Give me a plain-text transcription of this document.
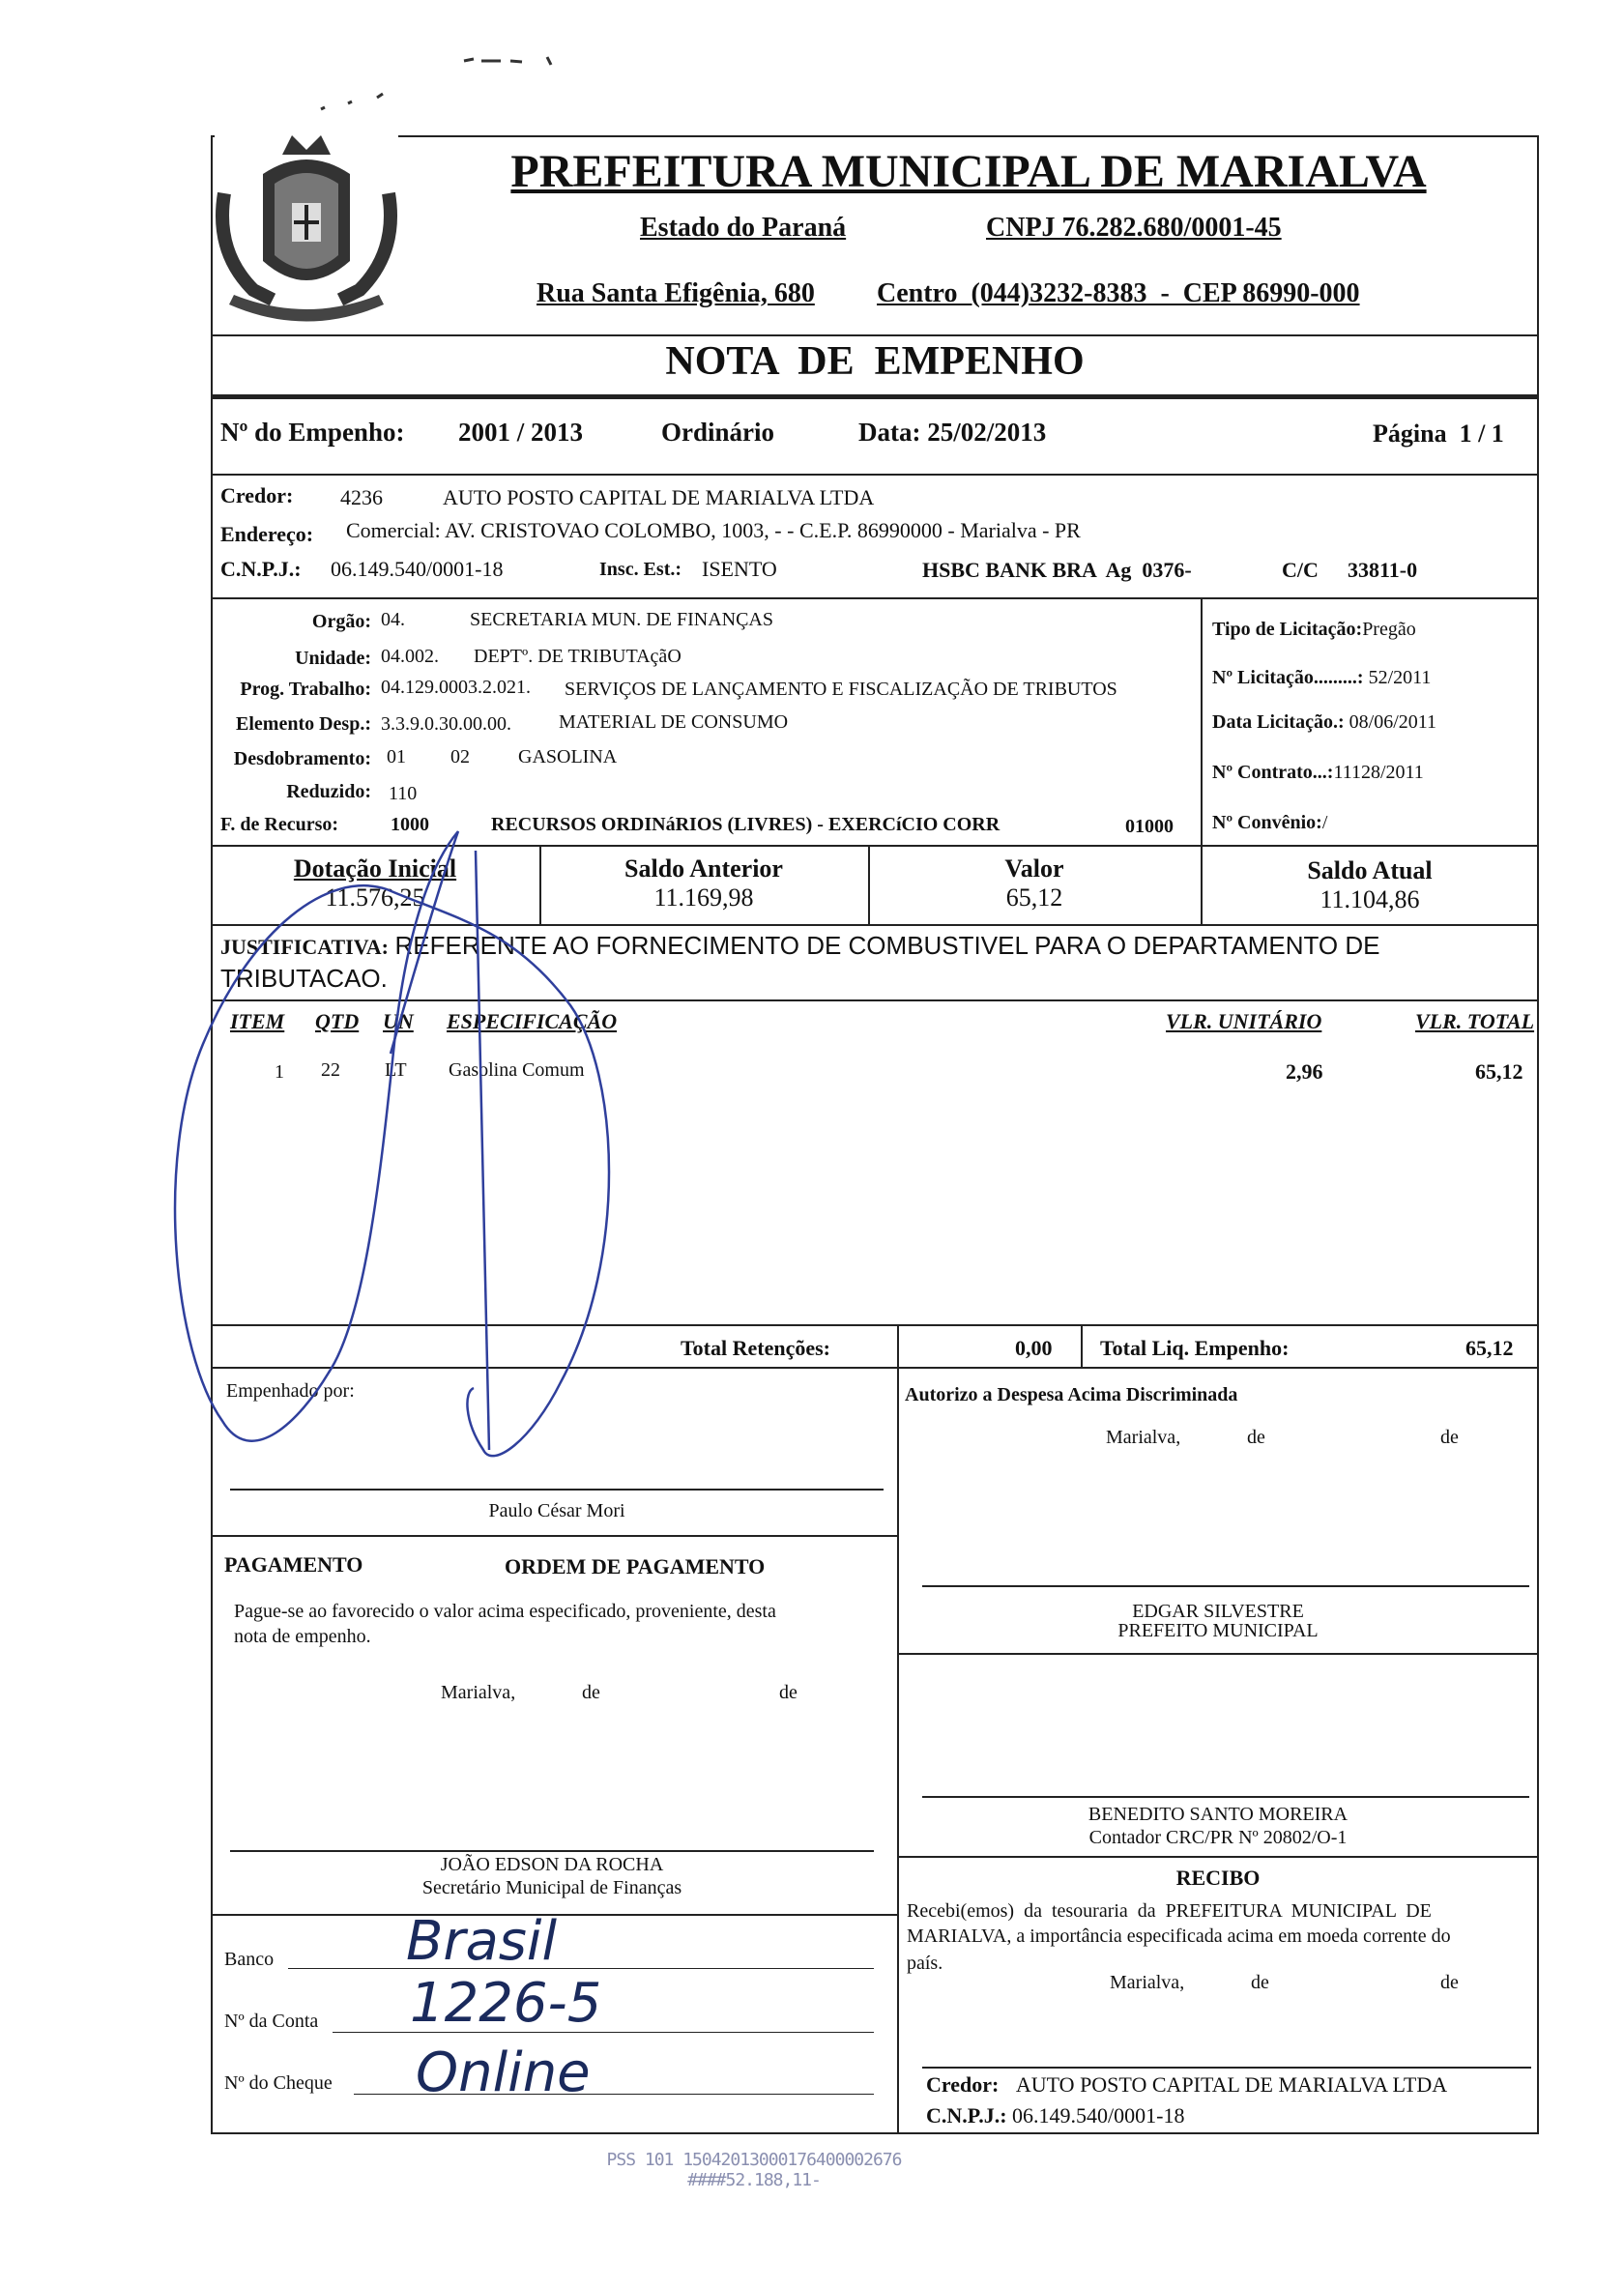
PREFEITURA MUNICIPAL DE MARIALVA
Estado do Paraná	CNPJ 76.282.680/0001-45
Rua Santa Efigênia, 680 Centro  (044)3232-8383  -  CEP 86990-000
NOTA  DE  EMPENHO
Nº do Empenho: 2001 / 2013	Ordinário	Data: 25/02/2013	Página  1 / 1
Credor: 4236	AUTO POSTO CAPITAL DE MARIALVA LTDA
Endereço: Comercial: AV. CRISTOVAO COLOMBO, 1003, - - C.E.P. 86990000 - Marialva - PR
C.N.P.J.: 06.149.540/0001-18	Insc. Est.: ISENTO	HSBC BANK BRA  Ag  0376-	C/C 33811-0
Orgão: 04.	SECRETARIA MUN. DE FINANÇAS
Unidade: 04.002. DEPTº. DE TRIBUTAçãO
Prog. Trabalho: 04.129.0003.2.021. SERVIÇOS DE LANÇAMENTO E FISCALIZAÇÃO DE TRIBUTOS
Elemento Desp.: 3.3.9.0.30.00.00. MATERIAL DE CONSUMO
Desdobramento: 01 02	GASOLINA
Reduzido: 110
F. de Recurso:	1000	RECURSOS ORDINáRIOS (LIVRES) - EXERCíCIO CORR	01000
Tipo de Licitação:Pregão
Nº Licitação.........: 52/2011
Data Licitação.: 08/06/2011
Nº Contrato...:11128/2011
Nº Convênio:/
Dotação Inicial
11.576,25
Saldo Anterior
11.169,98
Valor
65,12
Saldo Atual
11.104,86
JUSTIFICATIVA: REFERENTE AO FORNECIMENTO DE COMBUSTIVEL PARA O DEPARTAMENTO DE
TRIBUTACAO.
ITEM QTD UN ESPECIFICAÇÃO	VLR. UNITÁRIO	VLR. TOTAL
1 22 LT Gasolina Comum	2,96	65,12
Total Retenções:	0,00 Total Liq. Empenho:	65,12
Empenhado por:
Paulo César Mori
Autorizo a Despesa Acima Discriminada
Marialva,	de	de
EDGAR SILVESTRE
PREFEITO MUNICIPAL
PAGAMENTO	ORDEM DE PAGAMENTO
Pague-se ao favorecido o valor acima especificado, proveniente, desta
nota de empenho.
Marialva,	de	de
JOÃO EDSON DA ROCHA
Secretário Municipal de Finanças
BENEDITO SANTO MOREIRA
Contador CRC/PR Nº 20802/O-1
RECIBO
Recebi(emos)  da  tesouraria  da  PREFEITURA  MUNICIPAL  DE
MARIALVA, a importância especificada acima em moeda corrente do
país.
Marialva,	de	de
Credor: AUTO POSTO CAPITAL DE MARIALVA LTDA
C.N.P.J.: 06.149.540/0001-18
Banco Brasil
Nº da Conta 1226-5
Nº do Cheque Online
PSS 101 15042013000176400002676 ####52.188,11-
